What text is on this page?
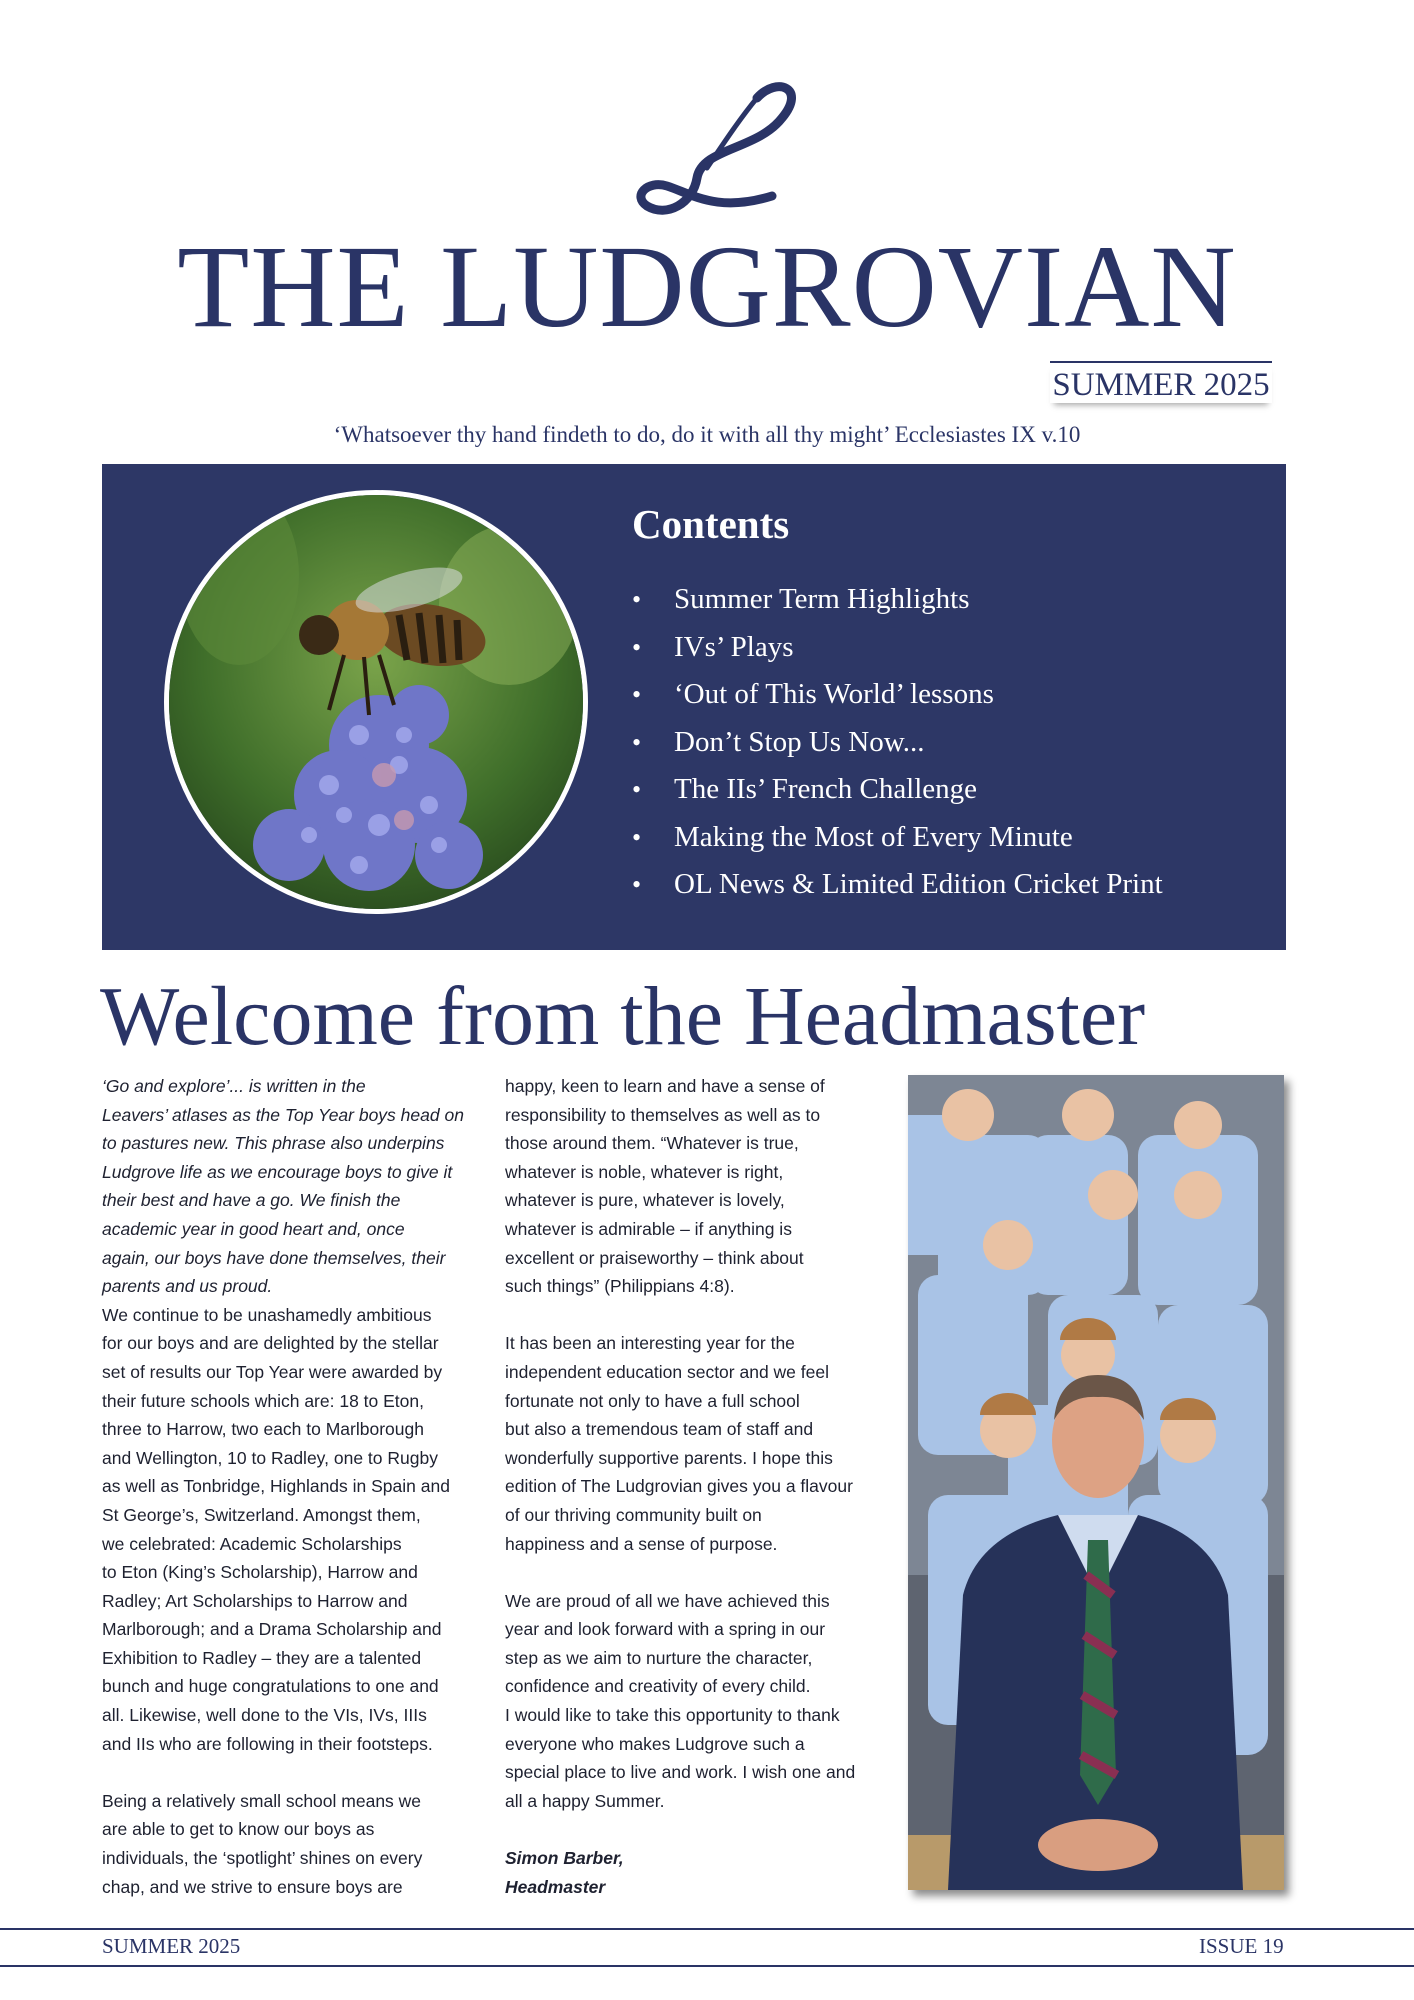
THE LUDGROVIAN
SUMMER 2025
‘Whatsoever thy hand findeth to do, do it with all thy might’ Ecclesiastes IX v.10
Contents
• Summer Term Highlights
• IVs’ Plays
• ‘Out of This World’ lessons
• Don’t Stop Us Now...
• The IIs’ French Challenge
• Making the Most of Every Minute
• OL News & Limited Edition Cricket Print
Welcome from the Headmaster

‘Go and explore’... is written in the

Leavers’ atlases as the Top Year boys head on

to pastures new. This phrase also underpins

Ludgrove life as we encourage boys to give it

their best and have a go. We finish the

academic year in good heart and, once

again, our boys have done themselves, their

parents and us proud.

We continue to be unashamedly ambitious

for our boys and are delighted by the stellar

set of results our Top Year were awarded by

their future schools which are: 18 to Eton,

three to Harrow, two each to Marlborough

and Wellington, 10 to Radley, one to Rugby

as well as Tonbridge, Highlands in Spain and

St George’s, Switzerland. Amongst them,

we celebrated: Academic Scholarships

to Eton (King’s Scholarship), Harrow and

Radley; Art Scholarships to Harrow and

Marlborough; and a Drama Scholarship and

Exhibition to Radley – they are a talented

bunch and huge congratulations to one and

all. Likewise, well done to the VIs, IVs, IIIs

and IIs who are following in their footsteps.

Being a relatively small school means we

are able to get to know our boys as

individuals, the ‘spotlight’ shines on every

chap, and we strive to ensure boys are

happy, keen to learn and have a sense of

responsibility to themselves as well as to

those around them. “Whatever is true,

whatever is noble, whatever is right,

whatever is pure, whatever is lovely,

whatever is admirable – if anything is

excellent or praiseworthy – think about

such things” (Philippians 4:8).

It has been an interesting year for the

independent education sector and we feel

fortunate not only to have a full school

but also a tremendous team of staff and

wonderfully supportive parents. I hope this

edition of The Ludgrovian gives you a flavour

of our thriving community built on

happiness and a sense of purpose.

We are proud of all we have achieved this

year and look forward with a spring in our

step as we aim to nurture the character,

confidence and creativity of every child.

I would like to take this opportunity to thank

everyone who makes Ludgrove such a

special place to live and work. I wish one and

all a happy Summer.

Simon Barber,

Headmaster

SUMMER 2025	ISSUE 19
